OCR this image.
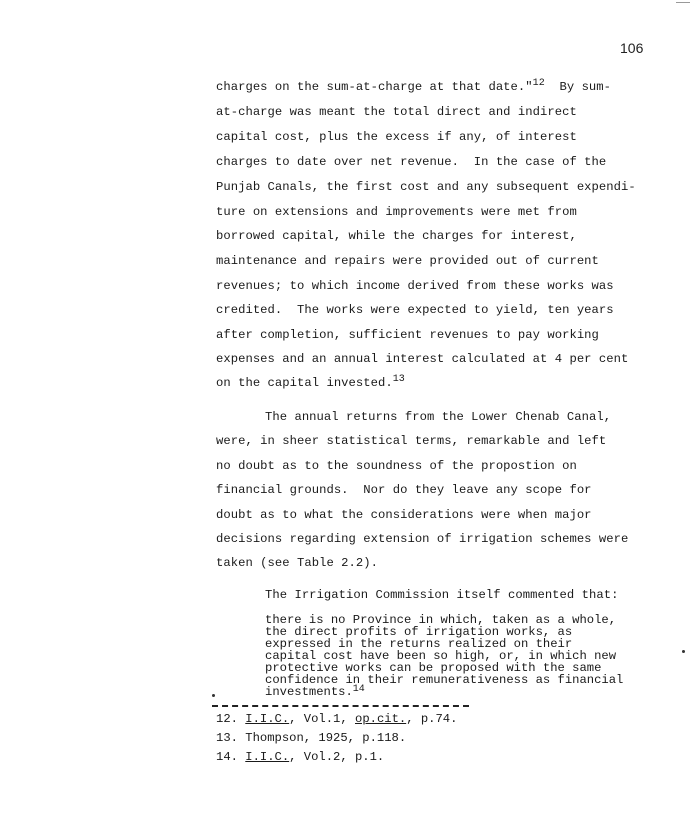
106
charges on the sum-at-charge at that date."$^{12}$  By sum-
at-charge was meant the total direct and indirect
capital cost, plus the excess if any, of interest
charges to date over net revenue.  In the case of the
Punjab Canals, the first cost and any subsequent expendi-
ture on extensions and improvements were met from
borrowed capital, while the charges for interest,
maintenance and repairs were provided out of current
revenues; to which income derived from these works was
credited.  The works were expected to yield, ten years
after completion, sufficient revenues to pay working
expenses and an annual interest calculated at 4 per cent
on the capital invested.$^{13}$
The annual returns from the Lower Chenab Canal,
were, in sheer statistical terms, remarkable and left
no doubt as to the soundness of the propostion on
financial grounds.  Nor do they leave any scope for
doubt as to what the considerations were when major
decisions regarding extension of irrigation schemes were
taken (see Table 2.2).
The Irrigation Commission itself commented that:
there is no Province in which, taken as a whole,
the direct profits of irrigation works, as
expressed in the returns realized on their
capital cost have been so high, or, in which new
protective works can be proposed with the same
confidence in their remunerativeness as financial
investments.$^{14}$
12. I.I.C., Vol.1, op.cit., p.74.
13. Thompson, 1925, p.118.
14. I.I.C., Vol.2, p.1.
